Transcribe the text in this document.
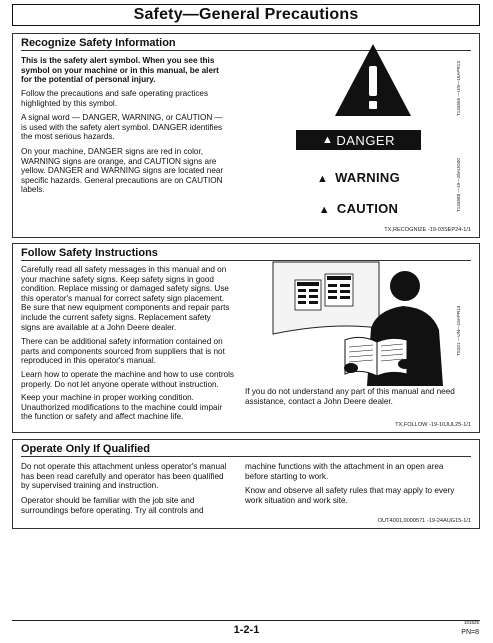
Safety—General Precautions
Recognize Safety Information

This is the safety alert symbol. When you see this

symbol on your machine or in this manual, be alert

for the potential of personal injury.

Follow the precautions and safe operating practices

highlighted by this symbol.

A signal word — DANGER, WARNING, or CAUTION —

is used with the safety alert symbol. DANGER identifies

the most serious hazards.

On your machine, DANGER signs are red in color,

WARNING signs are orange, and CAUTION signs are

yellow. DANGER and WARNING signs are located near

specific hazards. General precautions are on CAUTION

labels.

▲ DANGER
▲ WARNING
▲ CAUTION
T133555 —UN—15APR13
T133588 —19—28AUG00
TX,RECOGNIZE -19-03SEP24-1/1
Follow Safety Instructions

Carefully read all safety messages in this manual and on

your machine safety signs. Keep safety signs in good

condition. Replace missing or damaged safety signs. Use

this operator's manual for correct safety sign placement.

Be sure that new equipment components and repair parts

include the current safety signs. Replacement safety

signs are available at a John Deere dealer.

There can be additional safety information contained on

parts and components sourced from suppliers that is not

reproduced in this operator's manual.

Learn how to operate the machine and how to use controls

properly. Do not let anyone operate without instruction.

Keep your machine in proper working condition.

Unauthorized modifications to the machine could impair

the function or safety and affect machine life.

If you do not understand any part of this manual and need

assistance, contact a John Deere dealer.

TS201 —UN—15APR13
TX,FOLLOW -19-10JUL25-1/1
Operate Only If Qualified

Do not operate this attachment unless operator's manual

has been read carefully and operator has been qualified

by supervised training and instruction.

Operator should be familiar with the job site and

surroundings before operating. Try all controls and

machine functions with the attachment in an open area

before starting to work.

Know and observe all safety rules that may apply to every

work situation and work site.

OUT4001,0000571 -19-24AUG15-1/1
1-2-1
101625
PN=8
